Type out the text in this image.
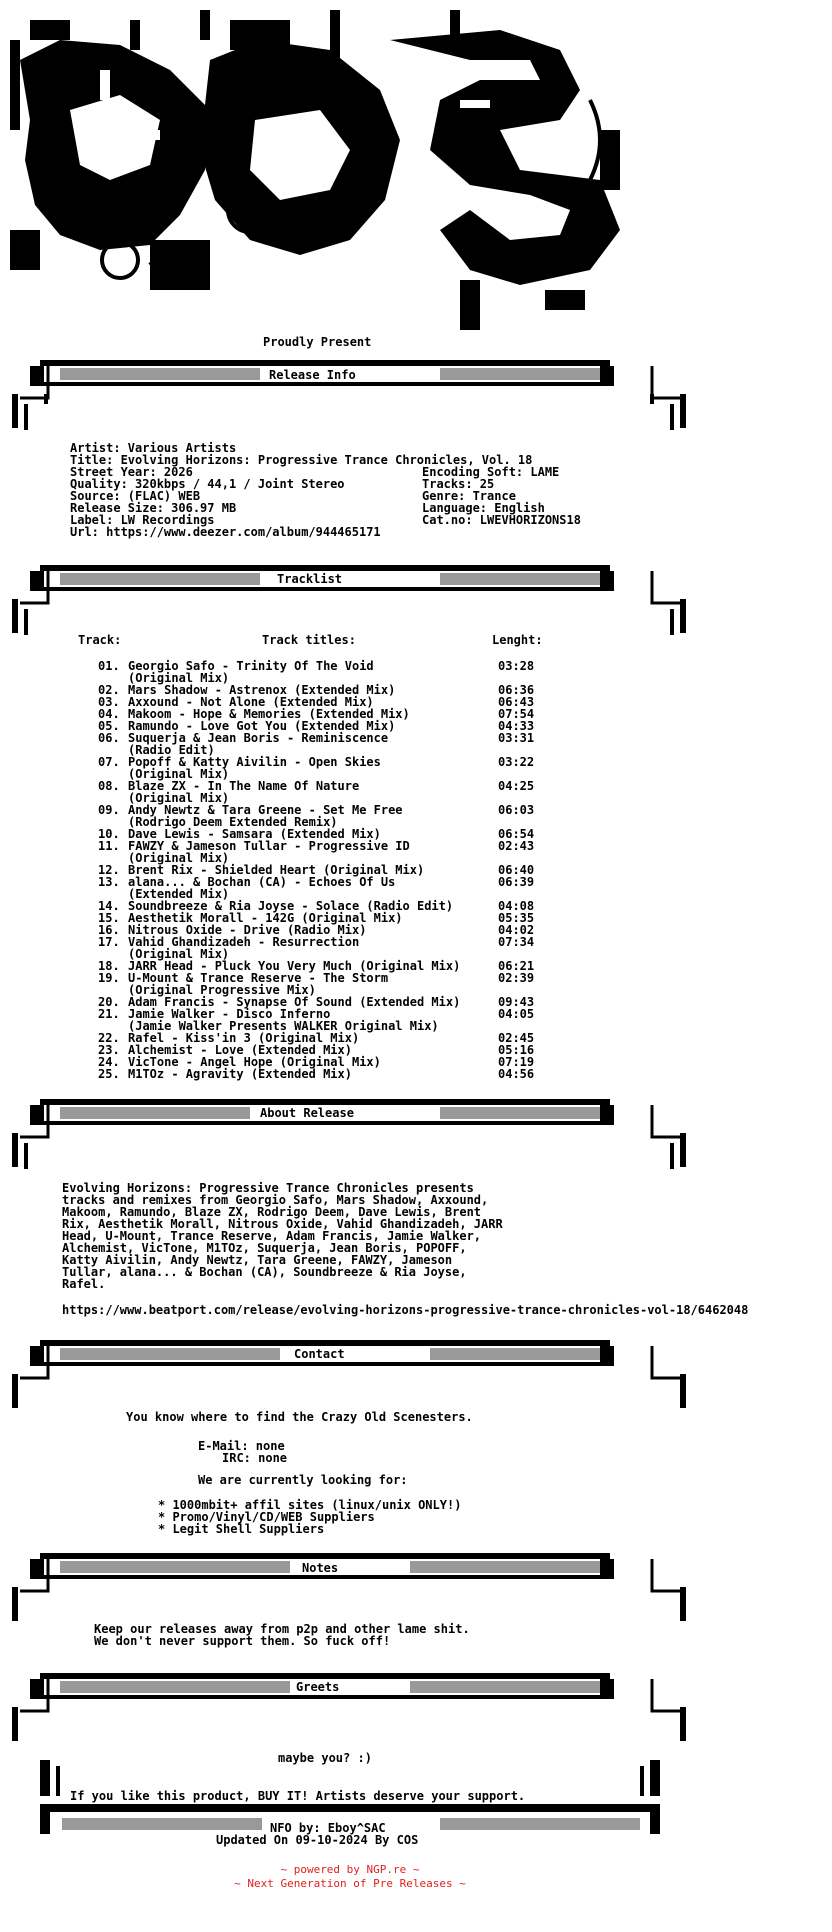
Proudly Present
Release Info
Artist: Various Artists
Title: Evolving Horizons: Progressive Trance Chronicles, Vol. 18
Street Year: 2026
Quality: 320kbps / 44,1 / Joint Stereo
Source: (FLAC) WEB
Release Size: 306.97 MB
Label: LW Recordings
Url: https://www.deezer.com/album/944465171
Encoding Soft: LAME
Tracks: 25
Genre: Trance
Language: English
Cat.no: LWEVHORIZONS18
Tracklist
Track:	Track titles:	Lenght:
01. Georgio Safo - Trinity Of The Void	03:28
(Original Mix)
02. Mars Shadow - Astrenox (Extended Mix)	06:36
03. Axxound - Not Alone (Extended Mix)	06:43
04. Makoom - Hope & Memories (Extended Mix)	07:54
05. Ramundo - Love Got You (Extended Mix)	04:33
06. Suquerja & Jean Boris - Reminiscence	03:31
(Radio Edit)
07. Popoff & Katty Aivilin - Open Skies	03:22
(Original Mix)
08. Blaze ZX - In The Name Of Nature	04:25
(Original Mix)
09. Andy Newtz & Tara Greene - Set Me Free	06:03
(Rodrigo Deem Extended Remix)
10. Dave Lewis - Samsara (Extended Mix)	06:54
11. FAWZY & Jameson Tullar - Progressive ID	02:43
(Original Mix)
12. Brent Rix - Shielded Heart (Original Mix)	06:40
13. alana... & Bochan (CA) - Echoes Of Us	06:39
(Extended Mix)
14. Soundbreeze & Ria Joyse - Solace (Radio Edit)	04:08
15. Aesthetik Morall - 142G (Original Mix)	05:35
16. Nitrous Oxide - Drive (Radio Mix)	04:02
17. Vahid Ghandizadeh - Resurrection	07:34
(Original Mix)
18. JARR Head - Pluck You Very Much (Original Mix)	06:21
19. U-Mount & Trance Reserve - The Storm	02:39
(Original Progressive Mix)
20. Adam Francis - Synapse Of Sound (Extended Mix)	09:43
21. Jamie Walker - Disco Inferno	04:05
(Jamie Walker Presents WALKER Original Mix)
22. Rafel - Kiss'in 3 (Original Mix)	02:45
23. Alchemist - Love (Extended Mix)	05:16
24. VicTone - Angel Hope (Original Mix)	07:19
25. M1TOz - Agravity (Extended Mix)	04:56
About Release
Evolving Horizons: Progressive Trance Chronicles presents
tracks and remixes from Georgio Safo, Mars Shadow, Axxound,
Makoom, Ramundo, Blaze ZX, Rodrigo Deem, Dave Lewis, Brent
Rix, Aesthetik Morall, Nitrous Oxide, Vahid Ghandizadeh, JARR
Head, U-Mount, Trance Reserve, Adam Francis, Jamie Walker,
Alchemist, VicTone, M1TOz, Suquerja, Jean Boris, POPOFF,
Katty Aivilin, Andy Newtz, Tara Greene, FAWZY, Jameson
Tullar, alana... & Bochan (CA), Soundbreeze & Ria Joyse,
Rafel.
https://www.beatport.com/release/evolving-horizons-progressive-trance-chronicles-vol-18/6462048
Contact
You know where to find the Crazy Old Scenesters.
E-Mail: none
IRC: none
We are currently looking for:
* 1000mbit+ affil sites (linux/unix ONLY!)
* Promo/Vinyl/CD/WEB Suppliers
* Legit Shell Suppliers
Notes
Keep our releases away from p2p and other lame shit.
We don't never support them. So fuck off!
Greets
maybe you? :)
If you like this product, BUY IT! Artists deserve your support.
NFO by: Eboy^SAC
Updated On 09-10-2024 By COS
~ powered by NGP.re ~
~ Next Generation of Pre Releases ~
